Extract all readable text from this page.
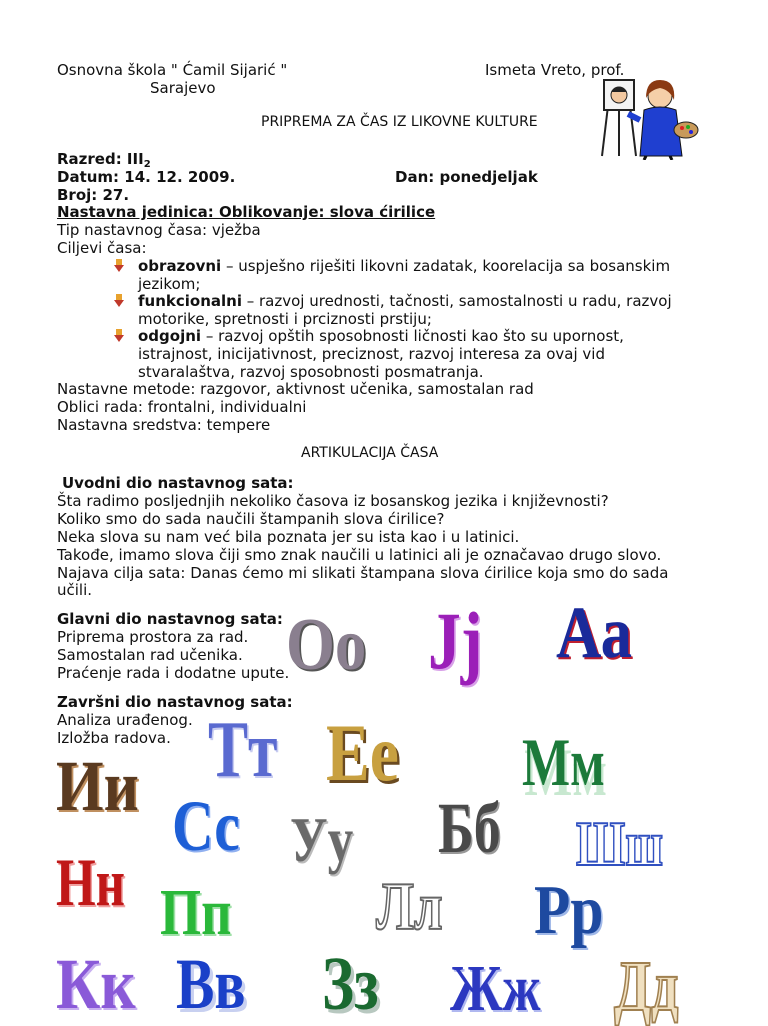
Osnovna škola " Ćamil Sijarić "
Sarajevo
Ismeta Vreto, prof.
PRIPREMA ZA ČAS IZ LIKOVNE KULTURE
Razred: $III_2$
Datum: 14. 12. 2009.	Dan: ponedjeljak
Broj: 27.
Nastavna jedinica: Oblikovanje: slova ćirilice
Tip nastavnog časa: vježba
Ciljevi časa:
obrazovni – uspješno riješiti likovni zadatak, koorelacija sa bosanskim
jezikom;
funkcionalni – razvoj urednosti, tačnosti, samostalnosti u radu, razvoj
motorike, spretnosti i prciznosti prstiju;
odgojni – razvoj opštih sposobnosti ličnosti kao što su upornost,
istrajnost, inicijativnost, preciznost, razvoj interesa za ovaj vid
stvaralaštva, razvoj sposobnosti posmatranja.
Nastavne metode: razgovor, aktivnost učenika, samostalan rad
Oblici rada: frontalni, individualni
Nastavna sredstva: tempere
ARTIKULACIJA ČASA
Uvodni dio nastavnog sata:
Šta radimo posljednjih nekoliko časova iz bosanskog jezika i književnosti?
Koliko smo do sada naučili štampanih slova ćirilice?
Neka slova su nam već bila poznata jer su ista kao i u latinici.
Takođe, imamo slova čiji smo znak naučili u latinici ali je označavao drugo slovo.
Najava cilja sata: Danas ćemo mi slikati štampana slova ćirilice koja smo do sada
učili.
Glavni dio nastavnog sata:
Priprema prostora za rad.
Samostalan rad učenika.
Praćenje rada i dodatne upute.
Završni dio nastavnog sata:
Analiza urađenog.
Izložba radova.
Оо Јј Аа
Тт Ее Мм
Ии Сс Уу Бб Шш
Нн Пп Лл Рр
Кк Вв Зз Жж Дд
